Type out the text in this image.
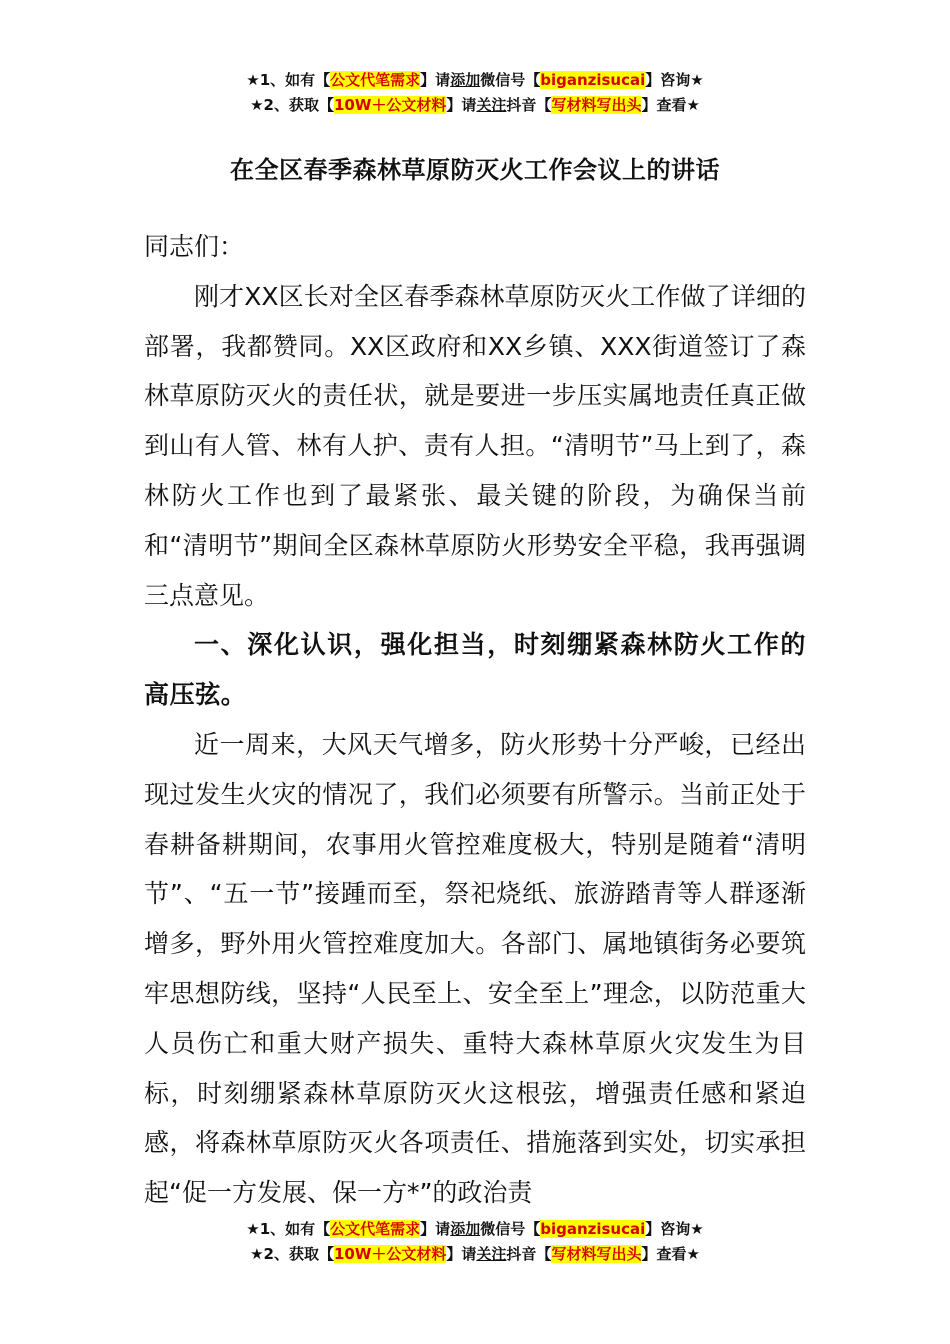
★1、如有【公文代笔需求】请添加微信号【biganzisucai】咨询★
★2、获取【10W＋公文材料】请关注抖音【写材料写出头】查看★
在全区春季森林草原防灭火工作会议上的讲话

同志们：

刚才XX区长对全区春季森林草原防灭火工作做了详细的部署，我都赞同。XX区政府和XX乡镇、XXX街道签订了森林草原防灭火的责任状，就是要进一步压实属地责任真正做到山有人管、林有人护、责有人担。“清明节”马上到了，森林防火工作也到了最紧张、最关键的阶段，为确保当前和“清明节”期间全区森林草原防火形势安全平稳，我再强调三点意见。

一、深化认识，强化担当，时刻绷紧森林防火工作的高压弦。

近一周来，大风天气增多，防火形势十分严峻，已经出现过发生火灾的情况了，我们必须要有所警示。当前正处于春耕备耕期间，农事用火管控难度极大，特别是随着“清明节”、“五一节”接踵而至，祭祀烧纸、旅游踏青等人群逐渐增多，野外用火管控难度加大。各部门、属地镇街务必要筑牢思想防线，坚持“人民至上、安全至上”理念，以防范重大人员伤亡和重大财产损失、重特大森林草原火灾发生为目标，时刻绷紧森林草原防灭火这根弦，增强责任感和紧迫感，将森林草原防灭火各项责任、措施落到实处，切实承担起“促一方发展、保一方*”的政治责

★1、如有【公文代笔需求】请添加微信号【biganzisucai】咨询★
★2、获取【10W＋公文材料】请关注抖音【写材料写出头】查看★
